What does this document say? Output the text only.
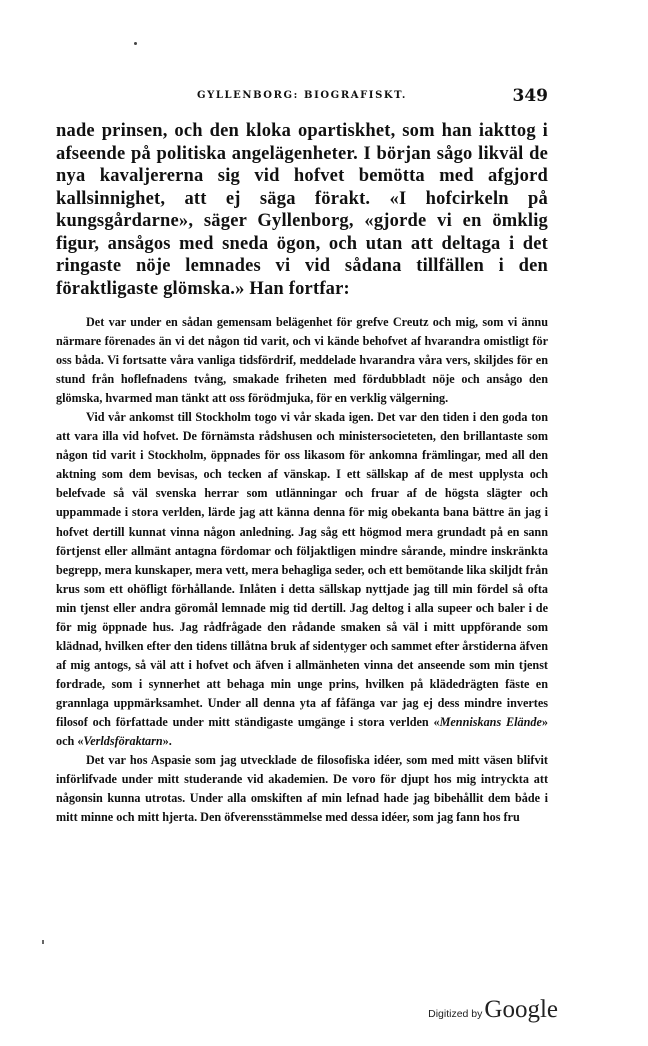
GYLLENBORG: BIOGRAFISKT.	349
nade prinsen, och den kloka opartiskhet, som han iakttog i afseende på politiska angelägenheter. I början sågo likväl de nya kavaljererna sig vid hofvet bemötta med afgjord kallsinnighet, att ej säga förakt. «I hofcirkeln på kungsgårdarne», säger Gyllenborg, «gjorde vi en ömklig figur, ansågos med sneda ögon, och utan att deltaga i det ringaste nöje lemnades vi vid sådana tillfällen i den föraktligaste glömska.» Han fortfar:

Det var under en sådan gemensam belägenhet för grefve Creutz och mig, som vi ännu närmare förenades än vi det någon tid varit, och vi kände behofvet af hvarandra omistligt för oss båda. Vi fortsatte våra vanliga tidsfördrif, meddelade hvarandra våra vers, skiljdes för en stund från hoflefnadens tvång, smakade friheten med fördubbladt nöje och ansågo den glömska, hvarmed man tänkt att oss förödmjuka, för en verklig välgerning.

Vid vår ankomst till Stockholm togo vi vår skada igen. Det var den tiden i den goda ton att vara illa vid hofvet. De förnämsta rådshusen och ministersocieteten, den brillantaste som någon tid varit i Stockholm, öppnades för oss likasom för ankomna främlingar, med all den aktning som dem bevisas, och tecken af vänskap. I ett sällskap af de mest upplysta och belefvade så väl svenska herrar som utlänningar och fruar af de högsta slägter och uppammade i stora verlden, lärde jag att känna denna för mig obekanta bana bättre än jag i hofvet dertill kunnat vinna någon anledning. Jag såg ett högmod mera grundadt på en sann förtjenst eller allmänt antagna fördomar och följaktligen mindre sårande, mindre inskränkta begrepp, mera kunskaper, mera vett, mera behagliga seder, och ett bemötande lika skiljdt från krus som ett ohöfligt förhållande. Inlåten i detta sällskap nyttjade jag till min fördel så ofta min tjenst eller andra göromål lemnade mig tid dertill. Jag deltog i alla supeer och baler i de för mig öppnade hus. Jag rådfrågade den rådande smaken så väl i mitt uppförande som klädnad, hvilken efter den tidens tillåtna bruk af sidentyger och sammet efter årstiderna äfven af mig antogs, så väl att i hofvet och äfven i allmänheten vinna det anseende som min tjenst fordrade, som i synnerhet att behaga min unge prins, hvilken på klädedrägten fäste en grannlaga uppmärksamhet. Under all denna yta af fåfänga var jag ej dess mindre invertes filosof och författade under mitt ständigaste umgänge i stora verlden «Menniskans Elände» och «Verldsföraktarn».

Det var hos Aspasie som jag utvecklade de filosofiska idéer, som med mitt väsen blifvit införlifvade under mitt studerande vid akademien. De voro för djupt hos mig intryckta att någonsin kunna utrotas. Under alla omskiften af min lefnad hade jag bibehållit dem både i mitt minne och mitt hjerta. Den öfverensstämmelse med dessa idéer, som jag fann hos fru

Digitized by Google
